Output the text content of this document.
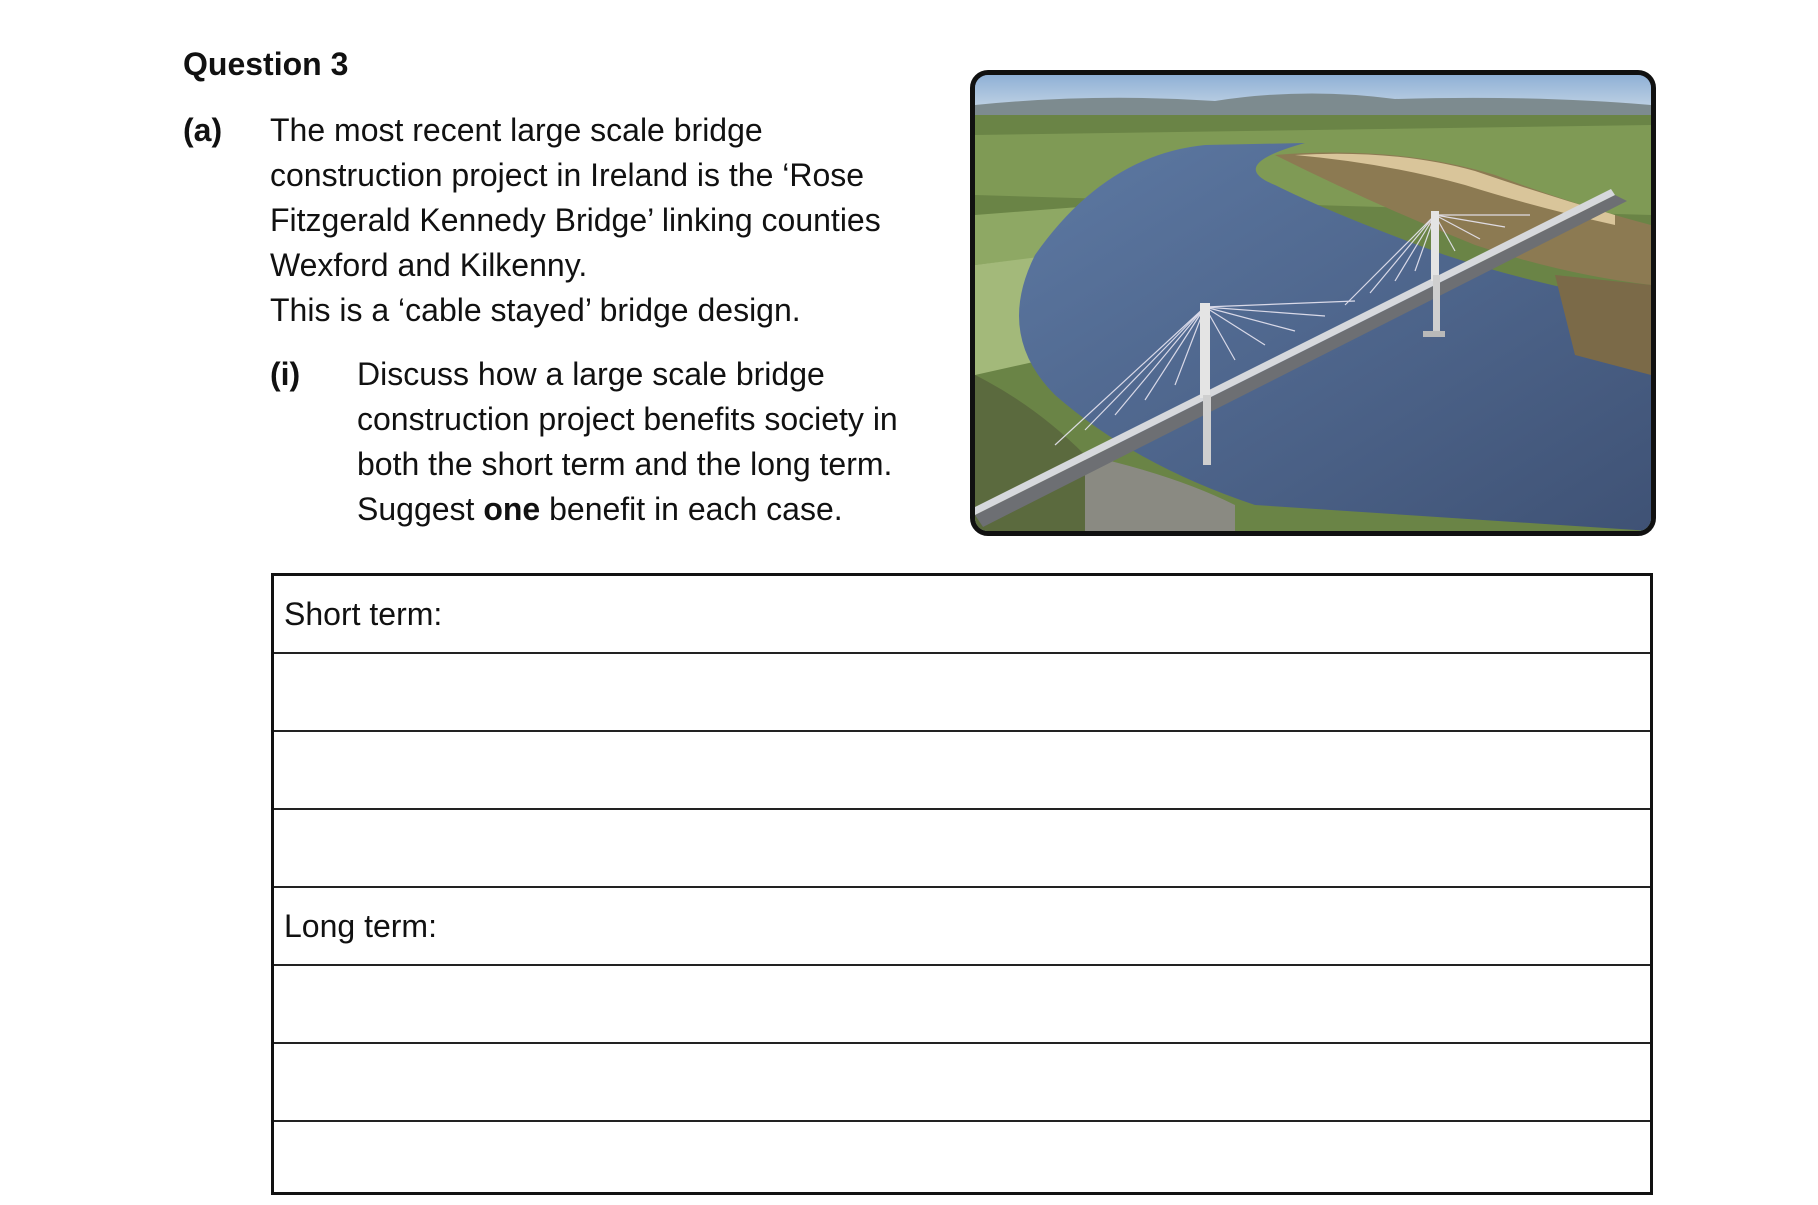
Question 3
(a) The most recent large scale bridge
construction project in Ireland is the ‘Rose
Fitzgerald Kennedy Bridge’ linking counties
Wexford and Kilkenny.
This is a ‘cable stayed’ bridge design.
(i) Discuss how a large scale bridge
construction project benefits society in
both the short term and the long term.
Suggest one benefit in each case.
Short term:
Long term:
